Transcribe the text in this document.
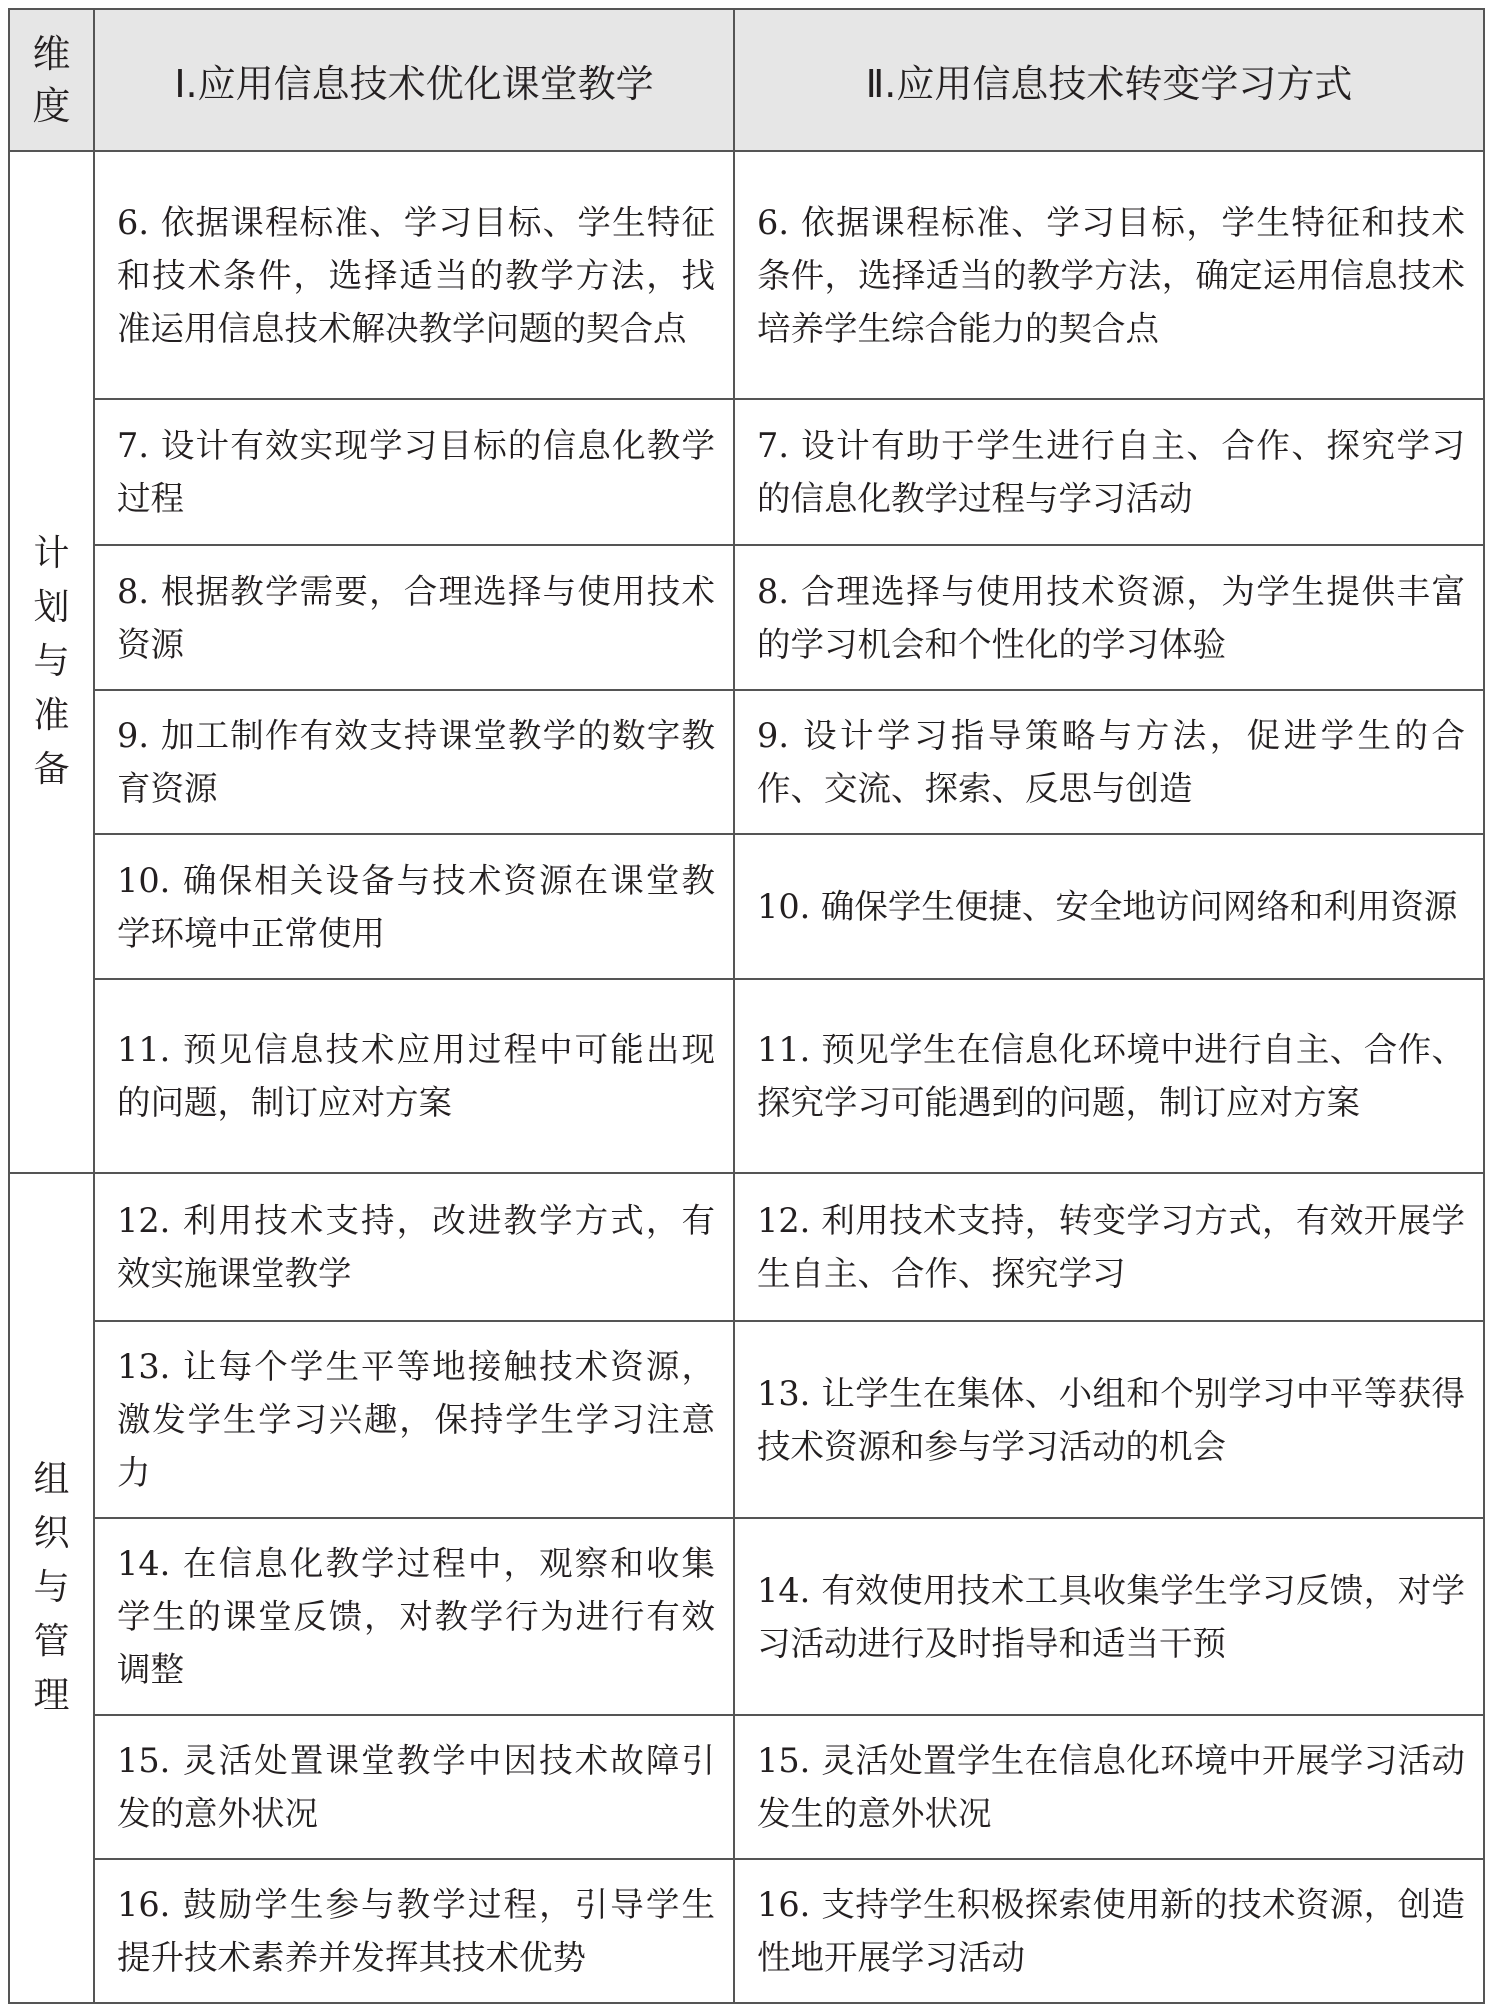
维
度	Ⅰ.应用信息技术优化课堂教学	Ⅱ.应用信息技术转变学习方式

计
划
与
准
备	6. 依据课程标准、学习目标、学生特征和技术条件，选择适当的教学方法，找准运用信息技术解决教学问题的契合点	6. 依据课程标准、学习目标，学生特征和技术条件，选择适当的教学方法，确定运用信息技术培养学生综合能力的契合点
	7. 设计有效实现学习目标的信息化教学过程	7. 设计有助于学生进行自主、合作、探究学习的信息化教学过程与学习活动
	8. 根据教学需要，合理选择与使用技术资源	8. 合理选择与使用技术资源，为学生提供丰富的学习机会和个性化的学习体验
	9. 加工制作有效支持课堂教学的数字教育资源	9. 设计学习指导策略与方法，促进学生的合作、交流、探索、反思与创造
	10. 确保相关设备与技术资源在课堂教学环境中正常使用	10. 确保学生便捷、安全地访问网络和利用资源
	11. 预见信息技术应用过程中可能出现的问题，制订应对方案	11. 预见学生在信息化环境中进行自主、合作、探究学习可能遇到的问题，制订应对方案

组
织
与
管
理	12. 利用技术支持，改进教学方式，有效实施课堂教学	12. 利用技术支持，转变学习方式，有效开展学生自主、合作、探究学习
	13. 让每个学生平等地接触技术资源，激发学生学习兴趣，保持学生学习注意力	13. 让学生在集体、小组和个别学习中平等获得技术资源和参与学习活动的机会
	14. 在信息化教学过程中，观察和收集学生的课堂反馈，对教学行为进行有效调整	14. 有效使用技术工具收集学生学习反馈，对学习活动进行及时指导和适当干预
	15. 灵活处置课堂教学中因技术故障引发的意外状况	15. 灵活处置学生在信息化环境中开展学习活动发生的意外状况
	16. 鼓励学生参与教学过程，引导学生提升技术素养并发挥其技术优势	16. 支持学生积极探索使用新的技术资源，创造性地开展学习活动
